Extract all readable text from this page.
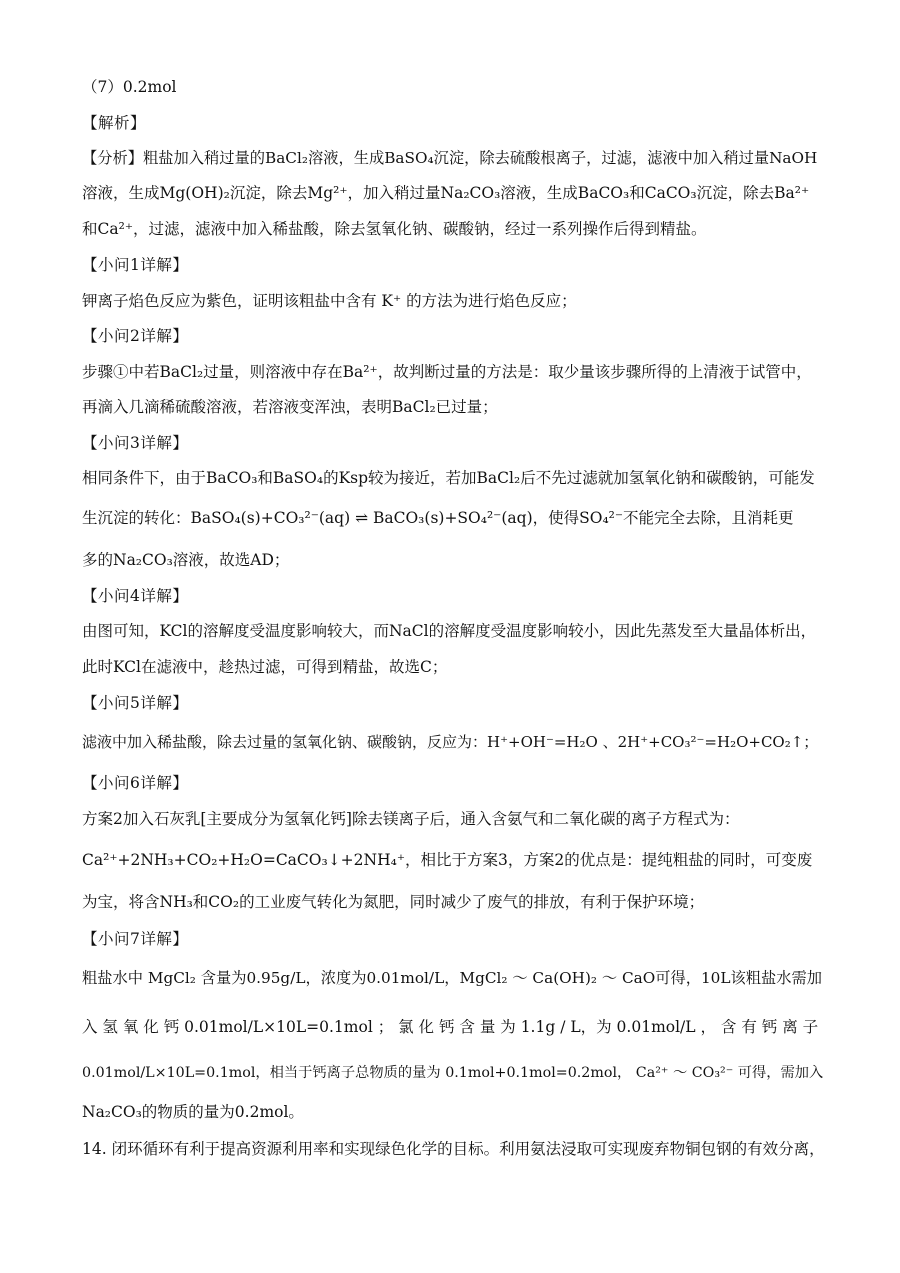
（7）0.2mol
【解析】
【分析】粗盐加入稍过量的BaCl₂溶液，生成BaSO₄沉淀，除去硫酸根离子，过滤，滤液中加入稍过量NaOH
溶液，生成Mg(OH)₂沉淀，除去Mg²⁺，加入稍过量Na₂CO₃溶液，生成BaCO₃和CaCO₃沉淀，除去Ba²⁺
和Ca²⁺，过滤，滤液中加入稀盐酸，除去氢氧化钠、碳酸钠，经过一系列操作后得到精盐。
【小问1详解】
钾离子焰色反应为紫色，证明该粗盐中含有 K⁺ 的方法为进行焰色反应；
【小问2详解】
步骤①中若BaCl₂过量，则溶液中存在Ba²⁺，故判断过量的方法是：取少量该步骤所得的上清液于试管中，
再滴入几滴稀硫酸溶液，若溶液变浑浊，表明BaCl₂已过量；
【小问3详解】
相同条件下，由于BaCO₃和BaSO₄的Ksp较为接近，若加BaCl₂后不先过滤就加氢氧化钠和碳酸钠，可能发
生沉淀的转化：BaSO₄(s)+CO₃²⁻(aq) ⇌ BaCO₃(s)+SO₄²⁻(aq)，使得SO₄²⁻不能完全去除，且消耗更
多的Na₂CO₃溶液，故选AD；
【小问4详解】
由图可知，KCl的溶解度受温度影响较大，而NaCl的溶解度受温度影响较小，因此先蒸发至大量晶体析出，
此时KCl在滤液中，趁热过滤，可得到精盐，故选C；
【小问5详解】
滤液中加入稀盐酸，除去过量的氢氧化钠、碳酸钠，反应为：H⁺+OH⁻=H₂O 、2H⁺+CO₃²⁻=H₂O+CO₂↑；
【小问6详解】
方案2加入石灰乳[主要成分为氢氧化钙]除去镁离子后，通入含氨气和二氧化碳的离子方程式为：
Ca²⁺+2NH₃+CO₂+H₂O=CaCO₃↓+2NH₄⁺，相比于方案3，方案2的优点是：提纯粗盐的同时，可变废
为宝，将含NH₃和CO₂的工业废气转化为氮肥，同时减少了废气的排放，有利于保护环境；
【小问7详解】
粗盐水中 MgCl₂ 含量为0.95g/L，浓度为0.01mol/L，MgCl₂ ～ Ca(OH)₂ ～ CaO可得，10L该粗盐水需加
入 氢 氧 化 钙 0.01mol/L×10L=0.1mol ； 氯 化 钙 含 量 为 1.1g / L，为 0.01mol/L ， 含 有 钙 离 子
0.01mol/L×10L=0.1mol，相当于钙离子总物质的量为 0.1mol+0.1mol=0.2mol， Ca²⁺ ～ CO₃²⁻ 可得，需加入
Na₂CO₃的物质的量为0.2mol。
14. 闭环循环有利于提高资源利用率和实现绿色化学的目标。利用氨法浸取可实现废弃物铜包钢的有效分离，
